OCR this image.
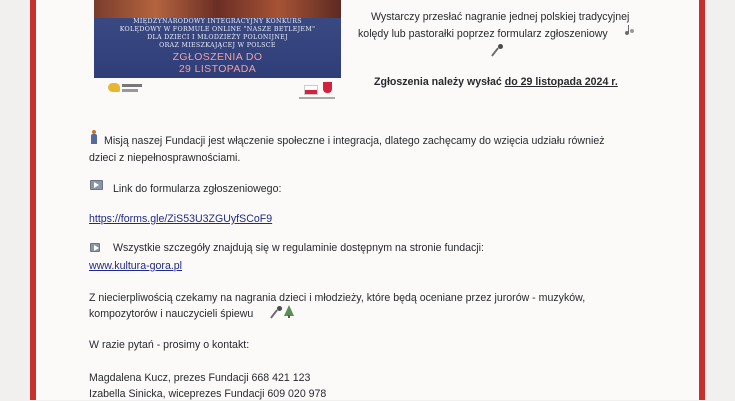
MIĘDZYNARODOWY INTEGRACYJNY KONKURS
KOLĘDOWY W FORMULE ONLINE "NASZE BETLEJEM"
DLA DZIECI I MŁODZIEŻY POLONIJNEJ
ORAZ MIESZKAJĄCEJ W POLSCE
ZGŁOSZENIA DO
29 LISTOPADA
Wystarczy przesłać nagranie jednej polskiej tradycyjnej
kolędy lub pastorałki poprzez formularz zgłoszeniowy
Zgłoszenia należy wysłać do 29 listopada 2024 r.
Misją naszej Fundacji jest włączenie społeczne i integracja, dlatego zachęcamy do wzięcia udziału również
dzieci z niepełnosprawnościami.
Link do formularza zgłoszeniowego:
https://forms.gle/ZiS53U3ZGUyfSCoF9
Wszystkie szczegóły znajdują się w regulaminie dostępnym na stronie fundacji:
www.kultura-gora.pl
Z niecierpliwością czekamy na nagrania dzieci i młodzieży, które będą oceniane przez jurorów - muzyków,
kompozytorów i nauczycieli śpiewu
W razie pytań - prosimy o kontakt:
Magdalena Kucz, prezes Fundacji 668 421 123
Izabella Sinicka, wiceprezes Fundacji 609 020 978
